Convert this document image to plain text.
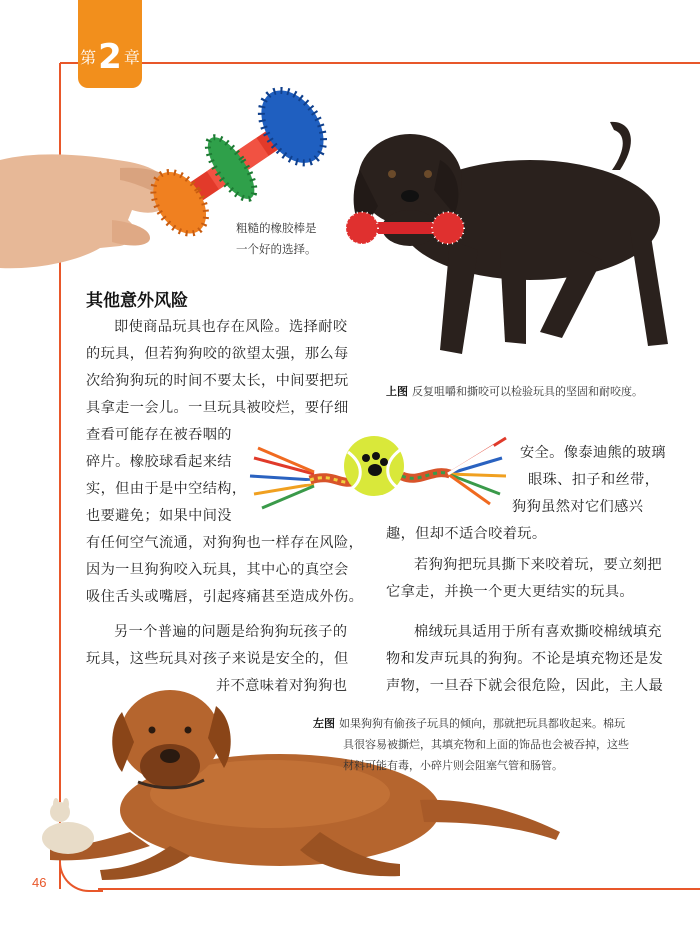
第 2 章
粗糙的橡胶棒是
一个好的选择。
上图 反复咀嚼和撕咬可以检验玩具的坚固和耐咬度。
其他意外风险
即使商品玩具也存在风险。选择耐咬
的玩具，但若狗狗咬的欲望太强，那么每
次给狗狗玩的时间不要太长，中间要把玩
具拿走一会儿。一旦玩具被咬烂，要仔细
查看可能存在被吞咽的
碎片。橡胶球看起来结
实，但由于是中空结构，
也要避免；如果中间没
有任何空气流通，对狗狗也一样存在风险，
因为一旦狗狗咬入玩具，其中心的真空会
吸住舌头或嘴唇，引起疼痛甚至造成外伤。
安全。像泰迪熊的玻璃
眼珠、扣子和丝带，
狗狗虽然对它们感兴
趣，但却不适合咬着玩。
若狗狗把玩具撕下来咬着玩，要立刻把
它拿走，并换一个更大更结实的玩具。
棉绒玩具适用于所有喜欢撕咬棉绒填充
物和发声玩具的狗狗。不论是填充物还是发
声物，一旦吞下就会很危险，因此，主人最
另一个普遍的问题是给狗狗玩孩子的
玩具，这些玩具对孩子来说是安全的，但
并不意味着对狗狗也
左图 如果狗狗有偷孩子玩具的倾向，那就把玩具都收起来。棉玩
具很容易被撕烂，其填充物和上面的饰品也会被吞掉，这些
材料可能有毒，小碎片则会阻塞气管和肠管。
46
